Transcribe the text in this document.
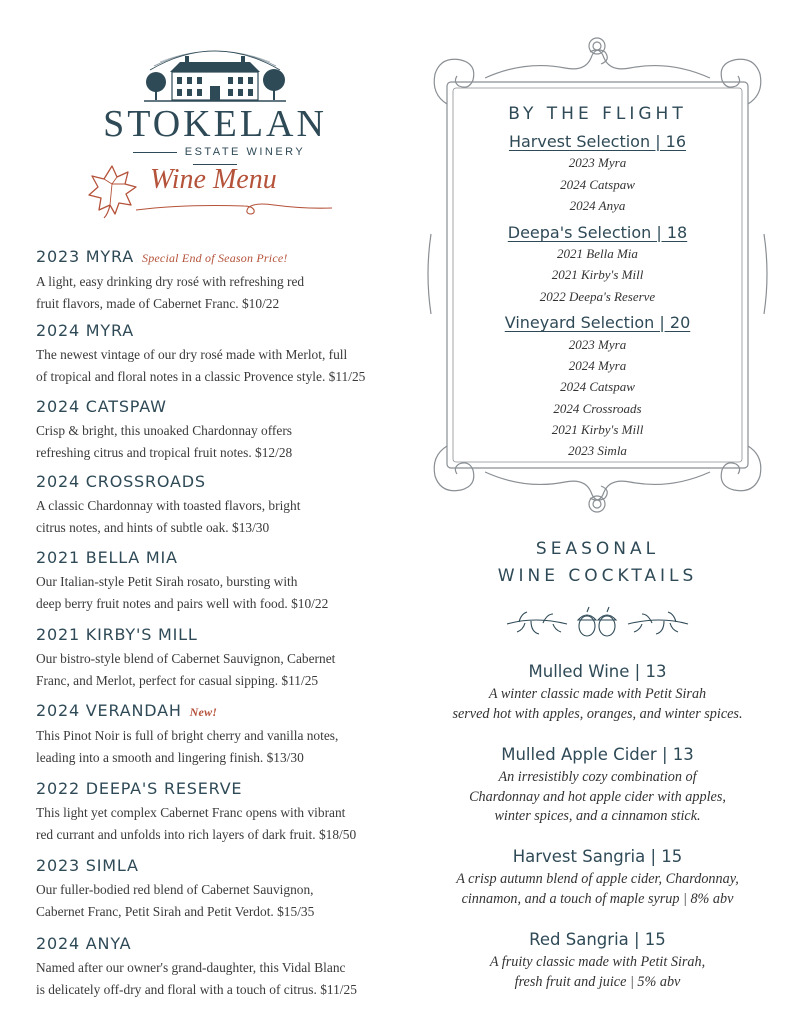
STOKELAN
ESTATE WINERY
Wine Menu
2023 MYRA Special End of Season Price!
A light, easy drinking dry rosé with refreshing red
fruit flavors, made of Cabernet Franc. $10/22
2024 MYRA
The newest vintage of our dry rosé made with Merlot, full
of tropical and floral notes in a classic Provence style. $11/25
2024 CATSPAW
Crisp & bright, this unoaked Chardonnay offers
refreshing citrus and tropical fruit notes. $12/28
2024 CROSSROADS
A classic Chardonnay with toasted flavors, bright
citrus notes, and hints of subtle oak. $13/30
2021 BELLA MIA
Our Italian-style Petit Sirah rosato, bursting with
deep berry fruit notes and pairs well with food. $10/22
2021 KIRBY'S MILL
Our bistro-style blend of Cabernet Sauvignon, Cabernet
Franc, and Merlot, perfect for casual sipping. $11/25
2024 VERANDAH New!
This Pinot Noir is full of bright cherry and vanilla notes,
leading into a smooth and lingering finish. $13/30
2022 DEEPA'S RESERVE
This light yet complex Cabernet Franc opens with vibrant
red currant and unfolds into rich layers of dark fruit. $18/50
2023 SIMLA
Our fuller-bodied red blend of Cabernet Sauvignon,
Cabernet Franc, Petit Sirah and Petit Verdot. $15/35
2024 ANYA
Named after our owner's grand-daughter, this Vidal Blanc
is delicately off-dry and floral with a touch of citrus. $11/25
BY THE FLIGHT
Harvest Selection | 16
2023 Myra
2024 Catspaw
2024 Anya
Deepa's Selection | 18
2021 Bella Mia
2021 Kirby's Mill
2022 Deepa's Reserve
Vineyard Selection | 20
2023 Myra
2024 Myra
2024 Catspaw
2024 Crossroads
2021 Kirby's Mill
2023 Simla
SEASONAL
WINE COCKTAILS
Mulled Wine | 13
A winter classic made with Petit Sirah
served hot with apples, oranges, and winter spices.
Mulled Apple Cider | 13
An irresistibly cozy combination of
Chardonnay and hot apple cider with apples,
winter spices, and a cinnamon stick.
Harvest Sangria | 15
A crisp autumn blend of apple cider, Chardonnay,
cinnamon, and a touch of maple syrup | 8% abv
Red Sangria | 15
A fruity classic made with Petit Sirah,
fresh fruit and juice | 5% abv
